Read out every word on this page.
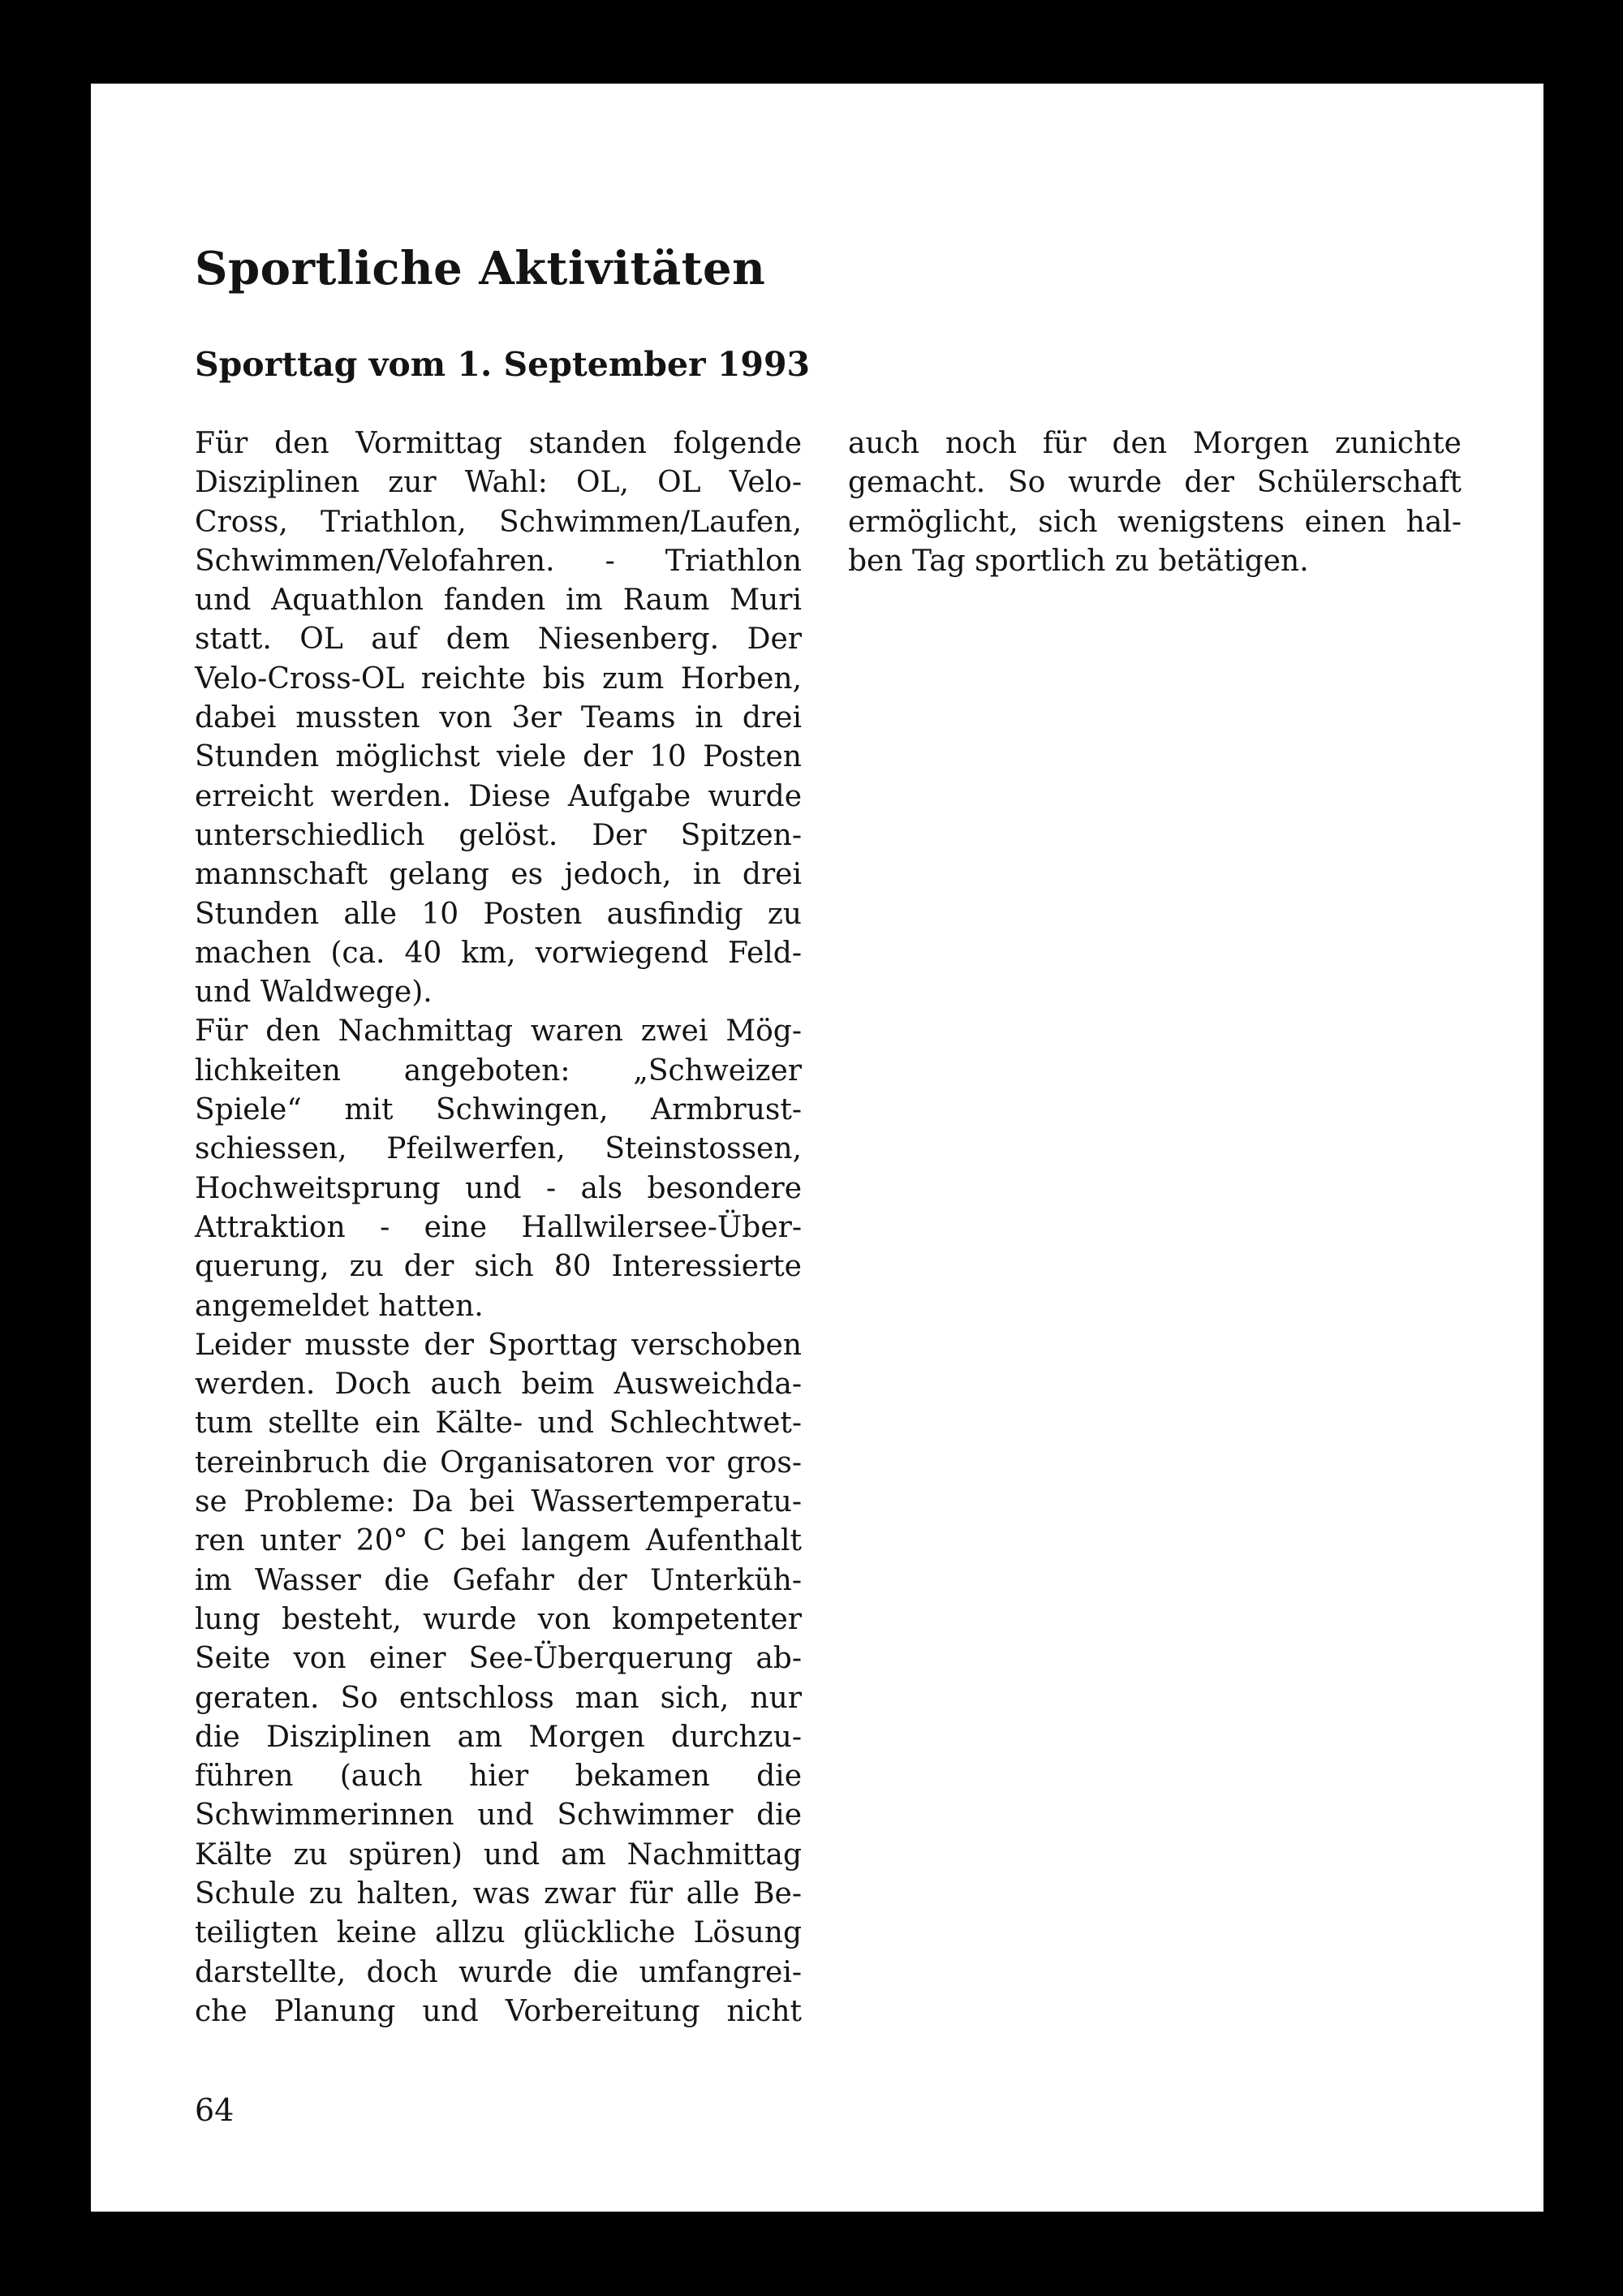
Sportliche Aktivitäten
Sporttag vom 1. September 1993
Für den Vormittag standen folgende
Disziplinen zur Wahl: OL, OL Velo-
Cross, Triathlon, Schwimmen/Laufen,
Schwimmen/Velofahren. - Triathlon
und Aquathlon fanden im Raum Muri
statt. OL auf dem Niesenberg. Der
Velo-Cross-OL reichte bis zum Horben,
dabei mussten von 3er Teams in drei
Stunden möglichst viele der 10 Posten
erreicht werden. Diese Aufgabe wurde
unterschiedlich gelöst. Der Spitzen-
mannschaft gelang es jedoch, in drei
Stunden alle 10 Posten ausfindig zu
machen (ca. 40 km, vorwiegend Feld-
und Waldwege).
Für den Nachmittag waren zwei Mög-
lichkeiten angeboten: „Schweizer
Spiele“ mit Schwingen, Armbrust-
schiessen, Pfeilwerfen, Steinstossen,
Hochweitsprung und - als besondere
Attraktion - eine Hallwilersee-Über-
querung, zu der sich 80 Interessierte
angemeldet hatten.
Leider musste der Sporttag verschoben
werden. Doch auch beim Ausweichda-
tum stellte ein Kälte- und Schlechtwet-
tereinbruch die Organisatoren vor gros-
se Probleme: Da bei Wassertemperatu-
ren unter 20° C bei langem Aufenthalt
im Wasser die Gefahr der Unterküh-
lung besteht, wurde von kompetenter
Seite von einer See-Überquerung ab-
geraten. So entschloss man sich, nur
die Disziplinen am Morgen durchzu-
führen (auch hier bekamen die
Schwimmerinnen und Schwimmer die
Kälte zu spüren) und am Nachmittag
Schule zu halten, was zwar für alle Be-
teiligten keine allzu glückliche Lösung
darstellte, doch wurde die umfangrei-
che Planung und Vorbereitung nicht
auch noch für den Morgen zunichte
gemacht. So wurde der Schülerschaft
ermöglicht, sich wenigstens einen hal-
ben Tag sportlich zu betätigen.
64
